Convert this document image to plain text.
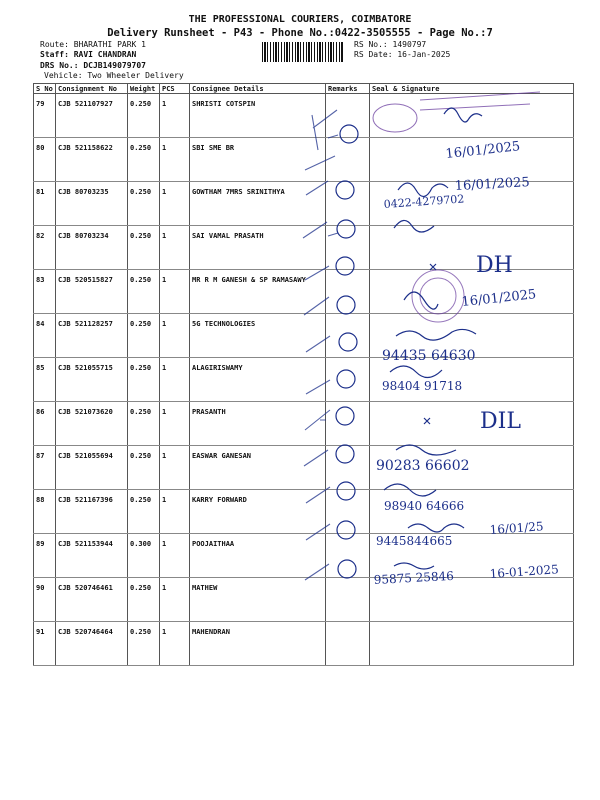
THE PROFESSIONAL COURIERS, COIMBATORE
Delivery Runsheet - P43 - Phone No.:0422-3505555 - Page No.:7
Route: BHARATHI PARK 1
Staff: RAVI CHANDRAN
DRS No.: DCJB149079707
Vehicle: Two Wheeler Delivery
RS No.: 1490797
RS Date: 16-Jan-2025
S No	Consignment No	Weight	PCS	Consignee Details	Remarks	Seal & Signature
79	CJB 521107927	0.250	1	SHRISTI COTSPIN		
80	CJB 521158622	0.250	1	SBI SME BR		
81	CJB 80703235	0.250	1	GOWTHAM 7MRS SRINITHYA		
82	CJB 80703234	0.250	1	SAI VAMAL PRASATH		
83	CJB 520515827	0.250	1	MR R M GANESH & SP RAMASAWY		
84	CJB 521128257	0.250	1	5G TECHNOLOGIES		
85	CJB 521055715	0.250	1	ALAGIRISWAMY		
86	CJB 521073620	0.250	1	PRASANTH		
87	CJB 521055694	0.250	1	EASWAR GANESAN		
88	CJB 521167396	0.250	1	KARRY FORWARD		
89	CJB 521153944	0.300	1	POOJAITHAA		
90	CJB 520746461	0.250	1	MATHEW		
91	CJB 520746464	0.250	1	MAHENDRAN		
16/01/2025
16/01/2025
0422-4279702
DH
16/01/2025
94435 64630
98404 91718
DIL
90283 66602
98940 64666
9445844665
16/01/25
95875 25846	16-01-2025
